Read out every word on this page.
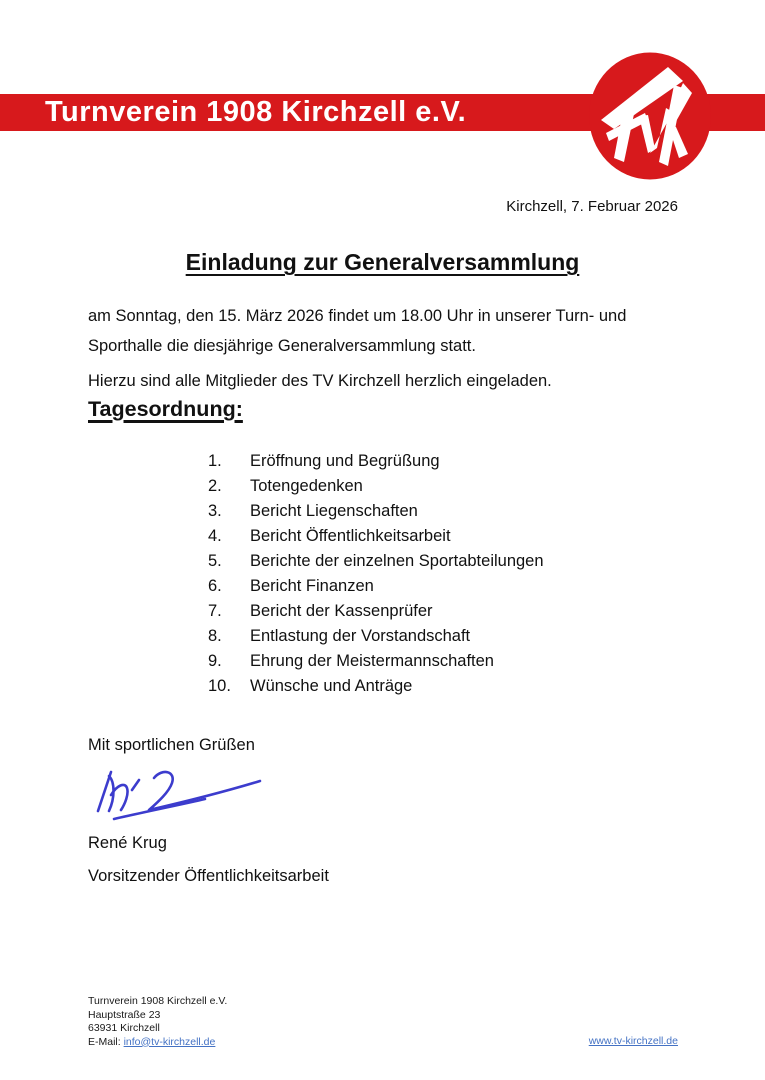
Turnverein 1908 Kirchzell e.V.
Kirchzell, 7. Februar 2026
Einladung zur Generalversammlung
am Sonntag, den 15. März 2026 findet um 18.00 Uhr in unserer Turn- und
Sporthalle die diesjährige Generalversammlung statt.
Hierzu sind alle Mitglieder des TV Kirchzell herzlich eingeladen.
Tagesordnung:
1.	Eröffnung und Begrüßung
2.	Totengedenken
3.	Bericht Liegenschaften
4.	Bericht Öffentlichkeitsarbeit
5.	Berichte der einzelnen Sportabteilungen
6.	Bericht Finanzen
7.	Bericht der Kassenprüfer
8.	Entlastung der Vorstandschaft
9.	Ehrung der Meistermannschaften
10.	Wünsche und Anträge
Mit sportlichen Grüßen
René Krug
Vorsitzender Öffentlichkeitsarbeit
Turnverein 1908 Kirchzell e.V.
Hauptstraße 23
63931 Kirchzell
E-Mail: info@tv-kirchzell.de	www.tv-kirchzell.de
